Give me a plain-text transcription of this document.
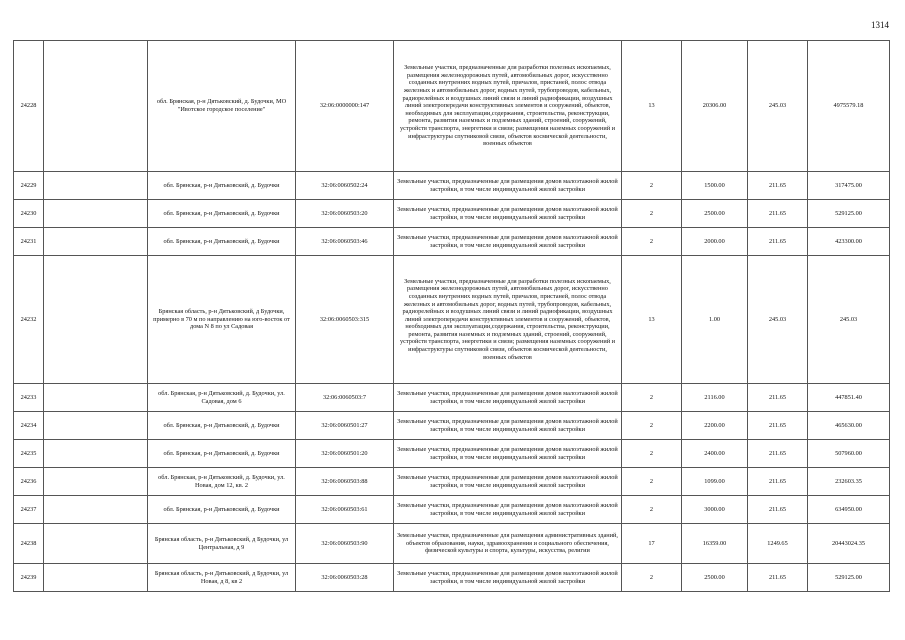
1314
24228		обл. Брянская, р-н Дятьковский, д. Будочки, МО "Ивотское городское поселение"	32:06:0000000:147	Земельные участки, предназначенные для разработки полезных ископаемых, размещения железнодорожных путей, автомобильных дорог, искусственно созданных внутренних водных путей, причалов, пристаней, полос отвода железных и автомобильных дорог, водных путей, трубопроводов, кабельных, радиорелейных и воздушных линий связи и линий радиофикации, воздушных линий электропередачи конструктивных элементов и сооружений, объектов, необходимых для эксплуатации,содержания, строительства, реконструкции, ремонта, развития наземных и подземных зданий, строений, сооружений, устройств транспорта, энергетики и связи; размещения наземных сооружений и инфраструктуры спутниковой связи, объектов космической деятельности, военных объектов	13	20306.00	245.03	4975579.18
24229		обл. Брянская, р-н Дятьковский, д. Будочки	32:06:0060502:24	Земельные участки, предназначенные для размещения домов малоэтажной жилой застройки, в том числе индивидуальной жилой застройки	2	1500.00	211.65	317475.00
24230		обл. Брянская, р-н Дятьковский, д. Будочки	32:06:0060503:20	Земельные участки, предназначенные для размещения домов малоэтажной жилой застройки, в том числе индивидуальной жилой застройки	2	2500.00	211.65	529125.00
24231		обл. Брянская, р-н Дятьковский, д. Будочки	32:06:0060503:46	Земельные участки, предназначенные для размещения домов малоэтажной жилой застройки, в том числе индивидуальной жилой застройки	2	2000.00	211.65	423300.00
24232		Брянская область, р-н Дятьковский, д Будочки, примерно в 70 м по направлению на юго-восток от дома N 8 по ул Садовая	32:06:0060503:315	Земельные участки, предназначенные для разработки полезных ископаемых, размещения железнодорожных путей, автомобильных дорог, искусственно созданных внутренних водных путей, причалов, пристаней, полос отвода железных и автомобильных дорог, водных путей, трубопроводов, кабельных, радиорелейных и воздушных линий связи и линий радиофикации, воздушных линий электропередачи конструктивных элементов и сооружений, объектов, необходимых для эксплуатации,содержания, строительства, реконструкции, ремонта, развития наземных и подземных зданий, строений, сооружений, устройств транспорта, энергетики и связи; размещения наземных сооружений и инфраструктуры спутниковой связи, объектов космической деятельности, военных объектов	13	1.00	245.03	245.03
24233		обл. Брянская, р-н Дятьковский, д. Будочки, ул. Садовая, дом 6	32:06:0060503:7	Земельные участки, предназначенные для размещения домов малоэтажной жилой застройки, в том числе индивидуальной жилой застройки	2	2116.00	211.65	447851.40
24234		обл. Брянская, р-н Дятьковский, д. Будочки	32:06:0060501:27	Земельные участки, предназначенные для размещения домов малоэтажной жилой застройки, в том числе индивидуальной жилой застройки	2	2200.00	211.65	465630.00
24235		обл. Брянская, р-н Дятьковский, д. Будочки	32:06:0060501:20	Земельные участки, предназначенные для размещения домов малоэтажной жилой застройки, в том числе индивидуальной жилой застройки	2	2400.00	211.65	507960.00
24236		обл. Брянская, р-н Дятьковский, д. Будочки, ул. Новая, дом 12, кв. 2	32:06:0060503:88	Земельные участки, предназначенные для размещения домов малоэтажной жилой застройки, в том числе индивидуальной жилой застройки	2	1099.00	211.65	232603.35
24237		обл. Брянская, р-н Дятьковский, д. Будочки	32:06:0060503:61	Земельные участки, предназначенные для размещения домов малоэтажной жилой застройки, в том числе индивидуальной жилой застройки	2	3000.00	211.65	634950.00
24238		Брянская область, р-н Дятьковский, д Будочки, ул Центральная, д 9	32:06:0060503:90	Земельные участки, предназначенные для размещения административных зданий, объектов образования, науки, здравоохранения и социального обеспечения, физической культуры и спорта, культуры, искусства, религии	17	16359.00	1249.65	20443024.35
24239		Брянская область, р-н Дятьковский, д Будочки, ул Новая, д 8, кв 2	32:06:0060503:28	Земельные участки, предназначенные для размещения домов малоэтажной жилой застройки, в том числе индивидуальной жилой застройки	2	2500.00	211.65	529125.00
